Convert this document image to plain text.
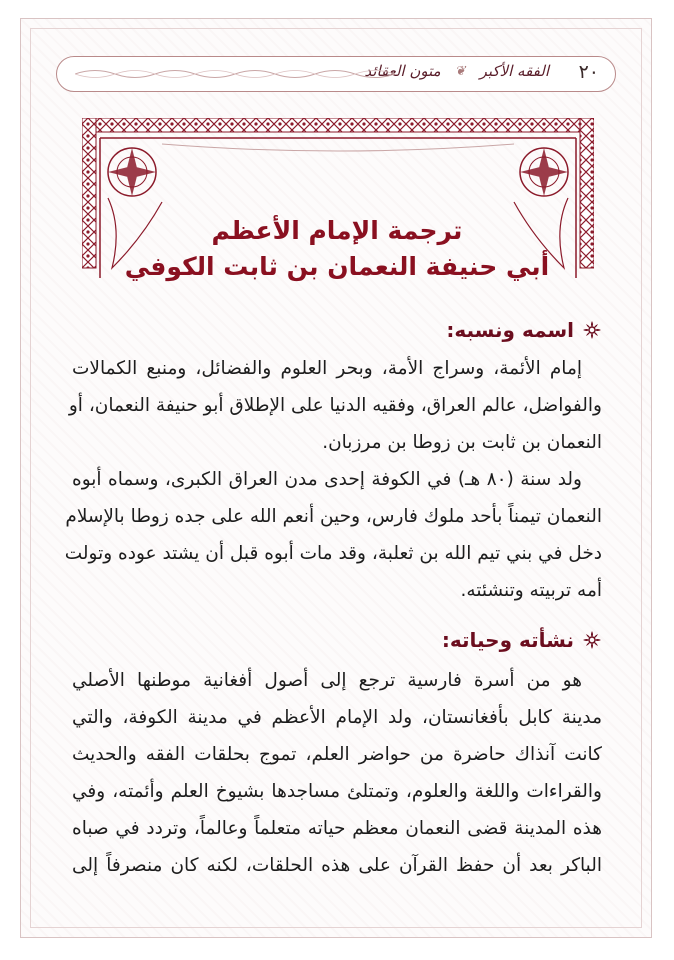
٢٠
الفقه الأكبر
❦
متون العقائد
ترجمة الإمام الأعظم
أبي حنيفة النعمان بن ثابت الكوفي
اسمه ونسبه:
إمام الأئمة، وسراج الأمة، وبحر العلوم والفضائل، ومنبع الكمالات
والفواضل، عالم العراق، وفقيه الدنيا على الإطلاق أبو حنيفة النعمان، أو
النعمان بن ثابت بن زوطا بن مرزبان.
ولد سنة (٨٠ هـ) في الكوفة إحدى مدن العراق الكبرى، وسماه أبوه
النعمان تيمناً بأحد ملوك فارس، وحين أنعم الله على جده زوطا بالإسلام
دخل في بني تيم الله بن ثعلبة، وقد مات أبوه قبل أن يشتد عوده وتولت
أمه تربيته وتنشئته.
نشأته وحياته:
هو من أسرة فارسية ترجع إلى أصول أفغانية موطنها الأصلي
مدينة كابل بأفغانستان، ولد الإمام الأعظم في مدينة الكوفة، والتي
كانت آنذاك حاضرة من حواضر العلم، تموج بحلقات الفقه والحديث
والقراءات واللغة والعلوم، وتمتلئ مساجدها بشيوخ العلم وأئمته، وفي
هذه المدينة قضى النعمان معظم حياته متعلماً وعالماً، وتردد في صباه
الباكر بعد أن حفظ القرآن على هذه الحلقات، لكنه كان منصرفاً إلى
